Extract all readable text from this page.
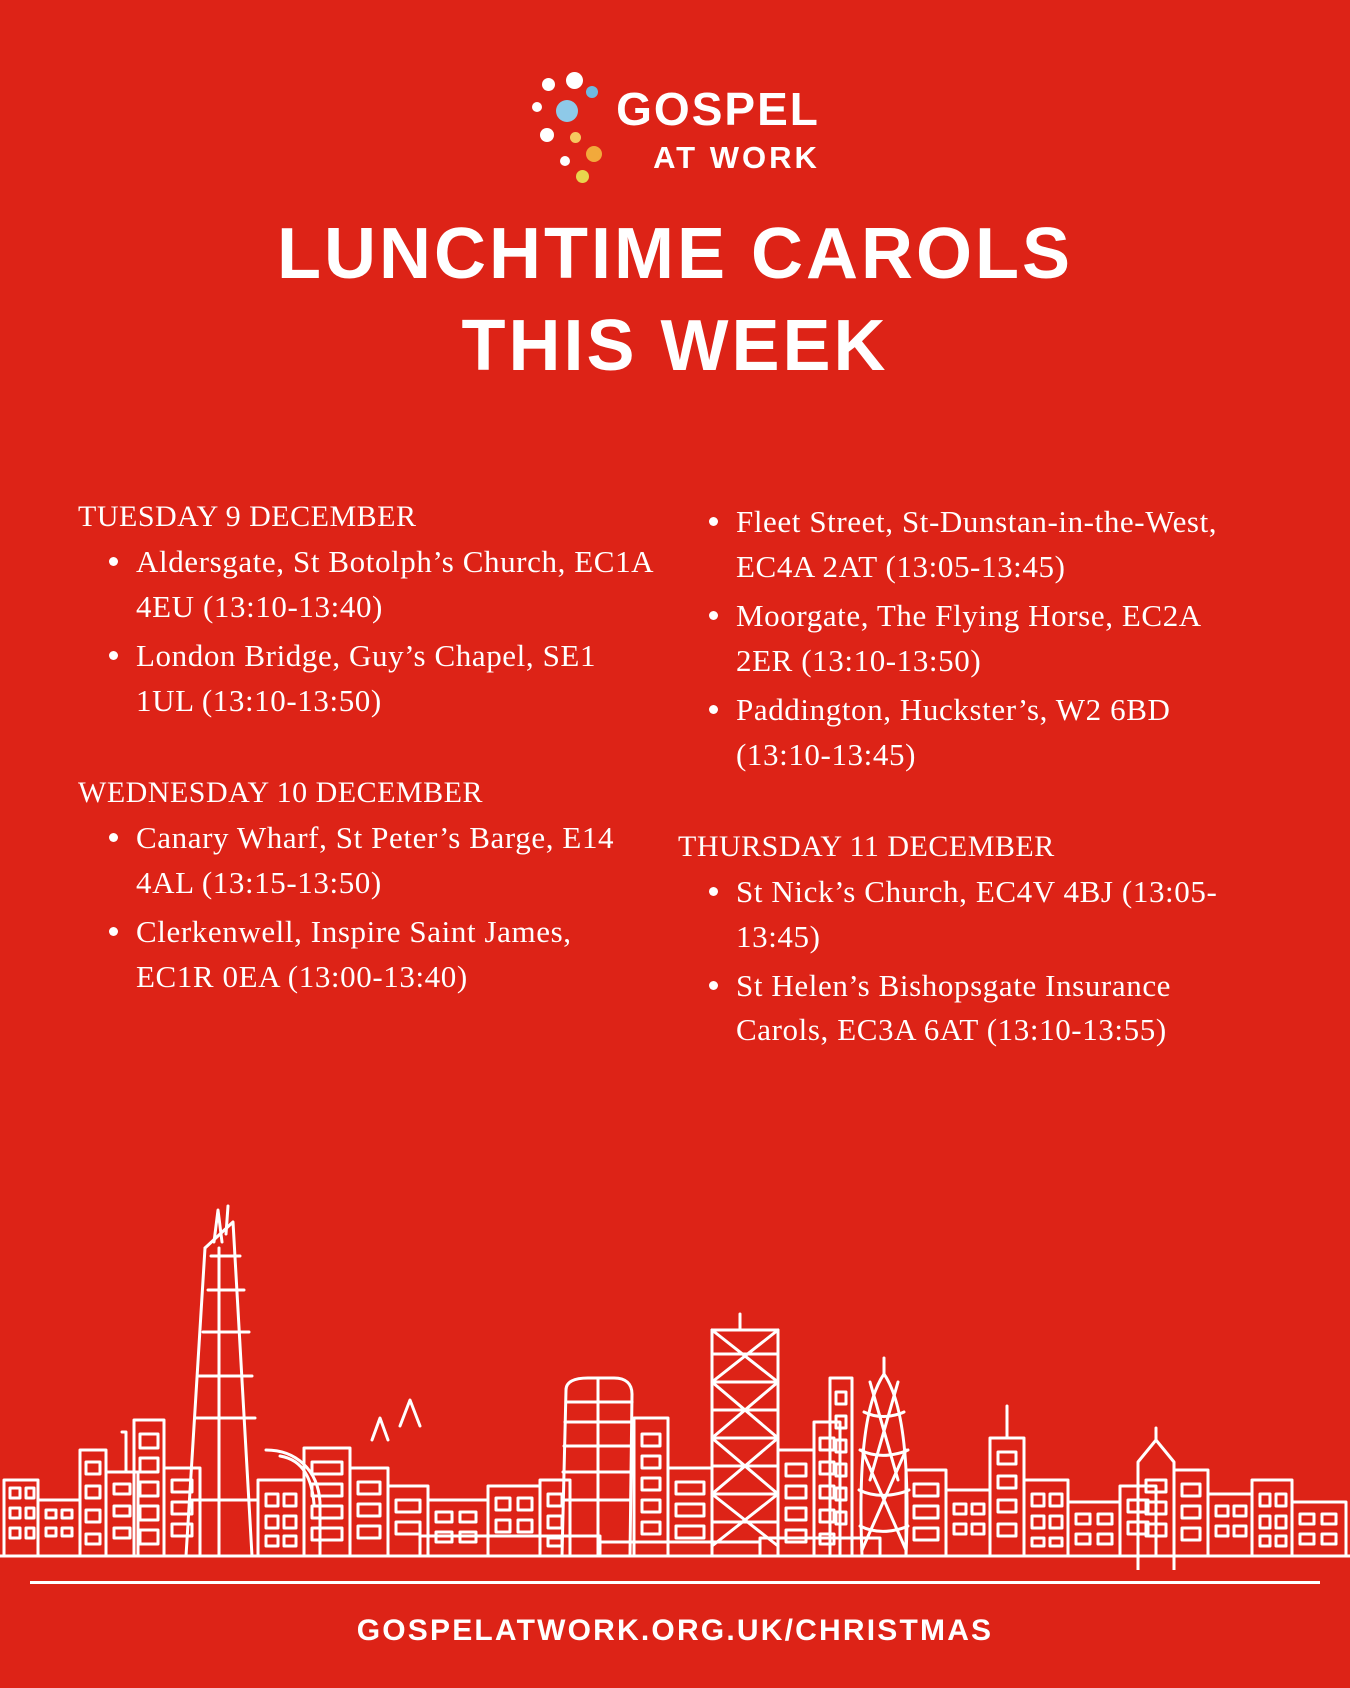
GOSPEL
AT WORK
LUNCHTIME CAROLS
THIS WEEK
TUESDAY 9 DECEMBER
Aldersgate, St Botolph’s Church, EC1A 4EU (13:10-13:40)
London Bridge, Guy’s Chapel, SE1 1UL (13:10-13:50)
WEDNESDAY 10 DECEMBER
Canary Wharf, St Peter’s Barge, E14 4AL (13:15-13:50)
Clerkenwell, Inspire Saint James, EC1R 0EA (13:00-13:40)
Fleet Street, St-Dunstan-in-the-West, EC4A 2AT (13:05-13:45)
Moorgate, The Flying Horse, EC2A 2ER (13:10-13:50)
Paddington, Huckster’s, W2 6BD (13:10-13:45)
THURSDAY 11 DECEMBER
St Nick’s Church, EC4V 4BJ (13:05-13:45)
St Helen’s Bishopsgate Insurance Carols, EC3A 6AT (13:10-13:55)
GOSPELATWORK.ORG.UK/CHRISTMAS
